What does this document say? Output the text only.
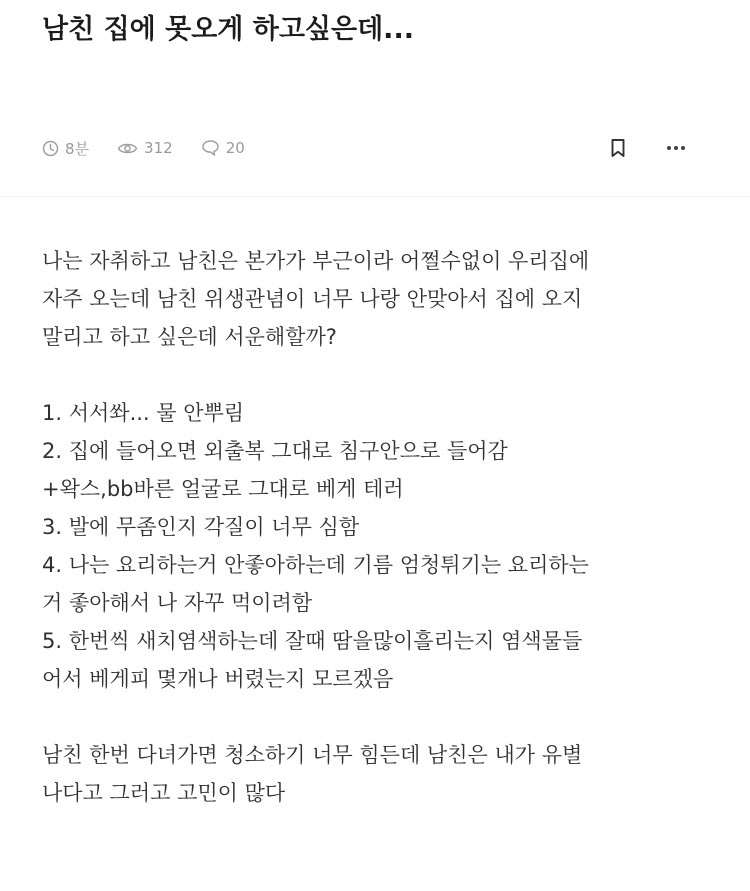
남친 집에 못오게 하고싶은데...
8분	312	20

나는 자취하고 남친은 본가가 부근이라 어쩔수없이 우리집에

자주 오는데 남친 위생관념이 너무 나랑 안맞아서 집에 오지

말리고 하고 싶은데 서운해할까?

1. 서서쏴... 물 안뿌림

2. 집에 들어오면 외출복 그대로 침구안으로 들어감

+왁스,bb바른 얼굴로 그대로 베게 테러

3. 발에 무좀인지 각질이 너무 심함

4. 나는 요리하는거 안좋아하는데 기름 엄청튀기는 요리하는

거 좋아해서 나 자꾸 먹이려함

5. 한번씩 새치염색하는데 잘때 땀을많이흘리는지 염색물들

어서 베게피 몇개나 버렸는지 모르겠음

남친 한번 다녀가면 청소하기 너무 힘든데 남친은 내가 유별

나다고 그러고 고민이 많다
